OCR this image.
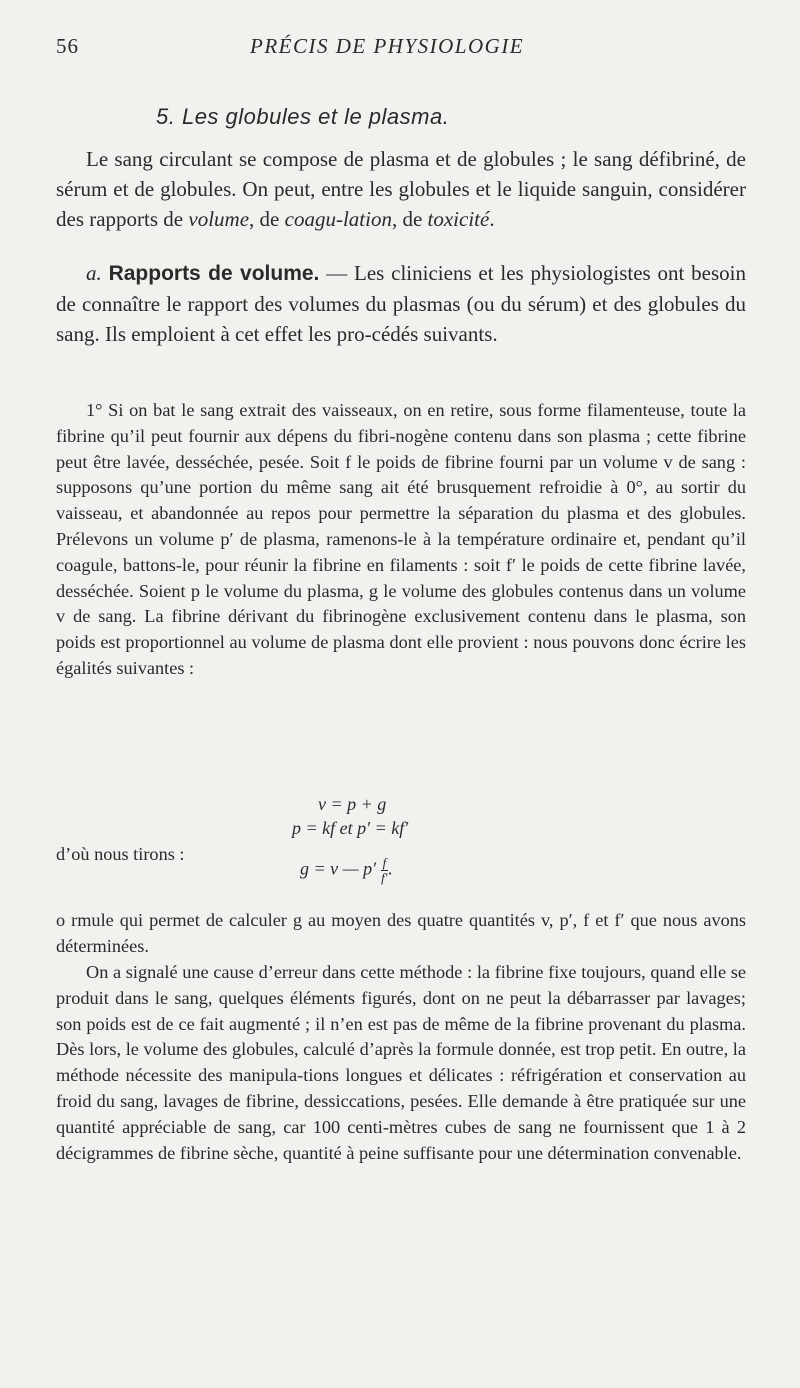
56	PRÉCIS DE PHYSIOLOGIE
5. Les globules et le plasma.
Le sang circulant se compose de plasma et de globules ; le sang défibriné, de sérum et de globules. On peut, entre les globules et le liquide sanguin, considérer des rapports de volume, de coagu-lation, de toxicité.
a. Rapports de volume. — Les cliniciens et les physiologistes ont besoin de connaître le rapport des volumes du plasmas (ou du sérum) et des globules du sang. Ils emploient à cet effet les pro-cédés suivants.
1° Si on bat le sang extrait des vaisseaux, on en retire, sous forme filamenteuse, toute la fibrine qu’il peut fournir aux dépens du fibri-nogène contenu dans son plasma ; cette fibrine peut être lavée, desséchée, pesée. Soit f le poids de fibrine fourni par un volume v de sang : supposons qu’une portion du même sang ait été brusquement refroidie à 0°, au sortir du vaisseau, et abandonnée au repos pour permettre la séparation du plasma et des globules. Prélevons un volume p′ de plasma, ramenons-le à la température ordinaire et, pendant qu’il coagule, battons-le, pour réunir la fibrine en filaments : soit f′ le poids de cette fibrine lavée, desséchée. Soient p le volume du plasma, g le volume des globules contenus dans un volume v de sang. La fibrine dérivant du fibrinogène exclusivement contenu dans le plasma, son poids est proportionnel au volume de plasma dont elle provient : nous pouvons donc écrire les égalités suivantes :
v = p + g
p = kf et p′ = kf′
d’où nous tirons :
g = v — $p' \frac{f}{f'}$ .
o rmule qui permet de calculer g au moyen des quatre quantités v, p′, f et f′ que nous avons déterminées.
On a signalé une cause d’erreur dans cette méthode : la fibrine fixe toujours, quand elle se produit dans le sang, quelques éléments figurés, dont on ne peut la débarrasser par lavages; son poids est de ce fait augmenté ; il n’en est pas de même de la fibrine provenant du plasma. Dès lors, le volume des globules, calculé d’après la formule donnée, est trop petit. En outre, la méthode nécessite des manipula-tions longues et délicates : réfrigération et conservation au froid du sang, lavages de fibrine, dessiccations, pesées. Elle demande à être pratiquée sur une quantité appréciable de sang, car 100 centi-mètres cubes de sang ne fournissent que 1 à 2 décigrammes de fibrine sèche, quantité à peine suffisante pour une détermination convenable.
